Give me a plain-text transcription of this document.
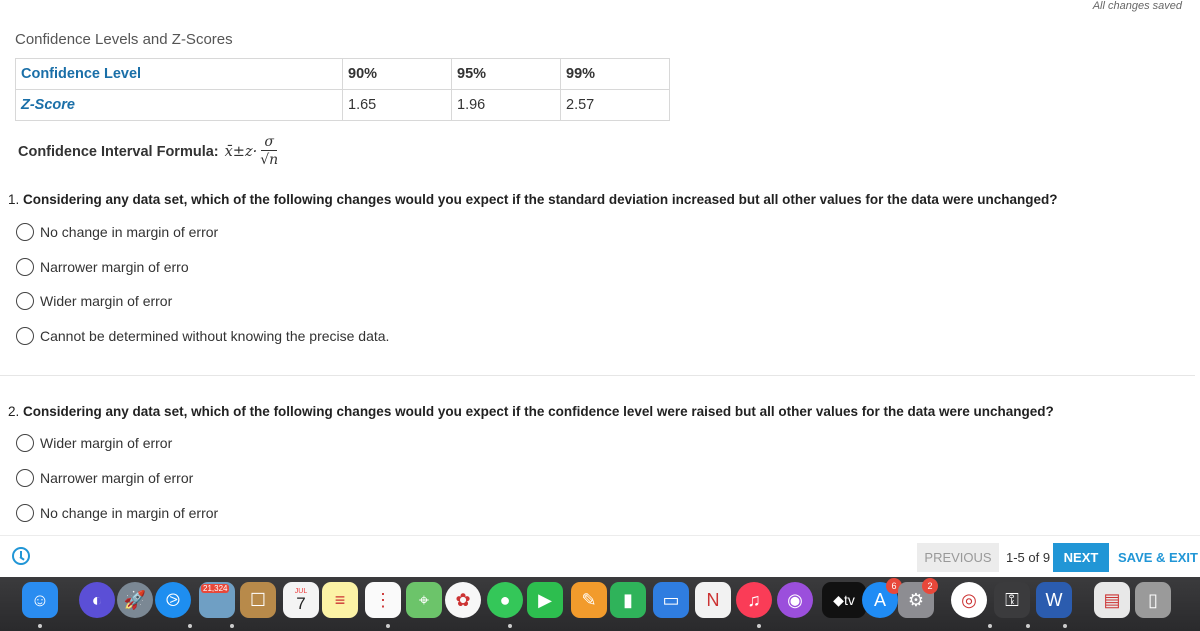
All changes saved
Confidence Levels and Z-Scores
Confidence Level	90%	95%	99%
Z-Score	1.65	1.96	2.57
Confidence Interval Formula: x̄±z· $\frac{\sigma}{√n}$
1. Considering any data set, which of the following changes would you expect if the standard deviation increased but all other values for the data were unchanged?
No change in margin of error
Narrower margin of erro
Wider margin of error
Cannot be determined without knowing the precise data.
2. Considering any data set, which of the following changes would you expect if the confidence level were raised but all other values for the data were unchanged?
Wider margin of error
Narrower margin of error
No change in margin of error
PREVIOUS	1-5 of 9	NEXT	SAVE & EXIT
☺	◐	🚀	⧁
21,324
☐	JUL
7	≡	⋮	⌖	✿	●	▶	✎	▮	▭	N	♫	◉	◆tv	A
6
⚙
2
◎	⚿	W	▤	▯
